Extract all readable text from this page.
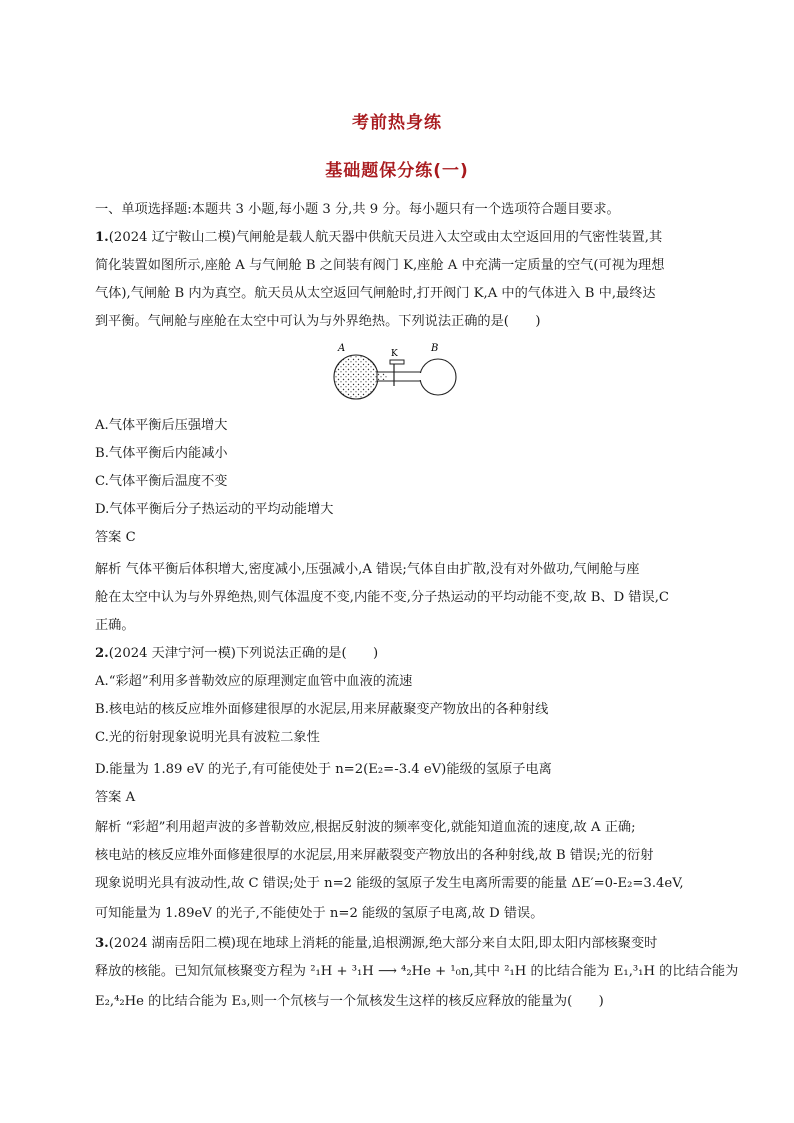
考前热身练
基础题保分练(一)
一、单项选择题:本题共 3 小题,每小题 3 分,共 9 分。每小题只有一个选项符合题目要求。
1.(2024 辽宁鞍山二模)气闸舱是载人航天器中供航天员进入太空或由太空返回用的气密性装置,其
简化装置如图所示,座舱 A 与气闸舱 B 之间装有阀门 K,座舱 A 中充满一定质量的空气(可视为理想
气体),气闸舱 B 内为真空。航天员从太空返回气闸舱时,打开阀门 K,A 中的气体进入 B 中,最终达
到平衡。气闸舱与座舱在太空中可认为与外界绝热。下列说法正确的是(　　)
A	K	B
A.气体平衡后压强增大
B.气体平衡后内能减小
C.气体平衡后温度不变
D.气体平衡后分子热运动的平均动能增大
答案 C
解析 气体平衡后体积增大,密度减小,压强减小,A 错误;气体自由扩散,没有对外做功,气闸舱与座
舱在太空中认为与外界绝热,则气体温度不变,内能不变,分子热运动的平均动能不变,故 B、D 错误,C
正确。
2.(2024 天津宁河一模)下列说法正确的是(　　)
A.“彩超”利用多普勒效应的原理测定血管中血液的流速
B.核电站的核反应堆外面修建很厚的水泥层,用来屏蔽聚变产物放出的各种射线
C.光的衍射现象说明光具有波粒二象性
D.能量为 1.89 eV 的光子,有可能使处于 n=2(E₂=-3.4 eV)能级的氢原子电离
答案 A
解析 “彩超”利用超声波的多普勒效应,根据反射波的频率变化,就能知道血流的速度,故 A 正确;
核电站的核反应堆外面修建很厚的水泥层,用来屏蔽裂变产物放出的各种射线,故 B 错误;光的衍射
现象说明光具有波动性,故 C 错误;处于 n=2 能级的氢原子发生电离所需要的能量 ΔE′=0-E₂=3.4eV,
可知能量为 1.89eV 的光子,不能使处于 n=2 能级的氢原子电离,故 D 错误。
3.(2024 湖南岳阳二模)现在地球上消耗的能量,追根溯源,绝大部分来自太阳,即太阳内部核聚变时
释放的核能。已知氘氚核聚变方程为 ²₁H + ³₁H ⟶ ⁴₂He + ¹₀n,其中 ²₁H 的比结合能为 E₁,³₁H 的比结合能为
E₂,⁴₂He 的比结合能为 E₃,则一个氘核与一个氚核发生这样的核反应释放的能量为(　　)
